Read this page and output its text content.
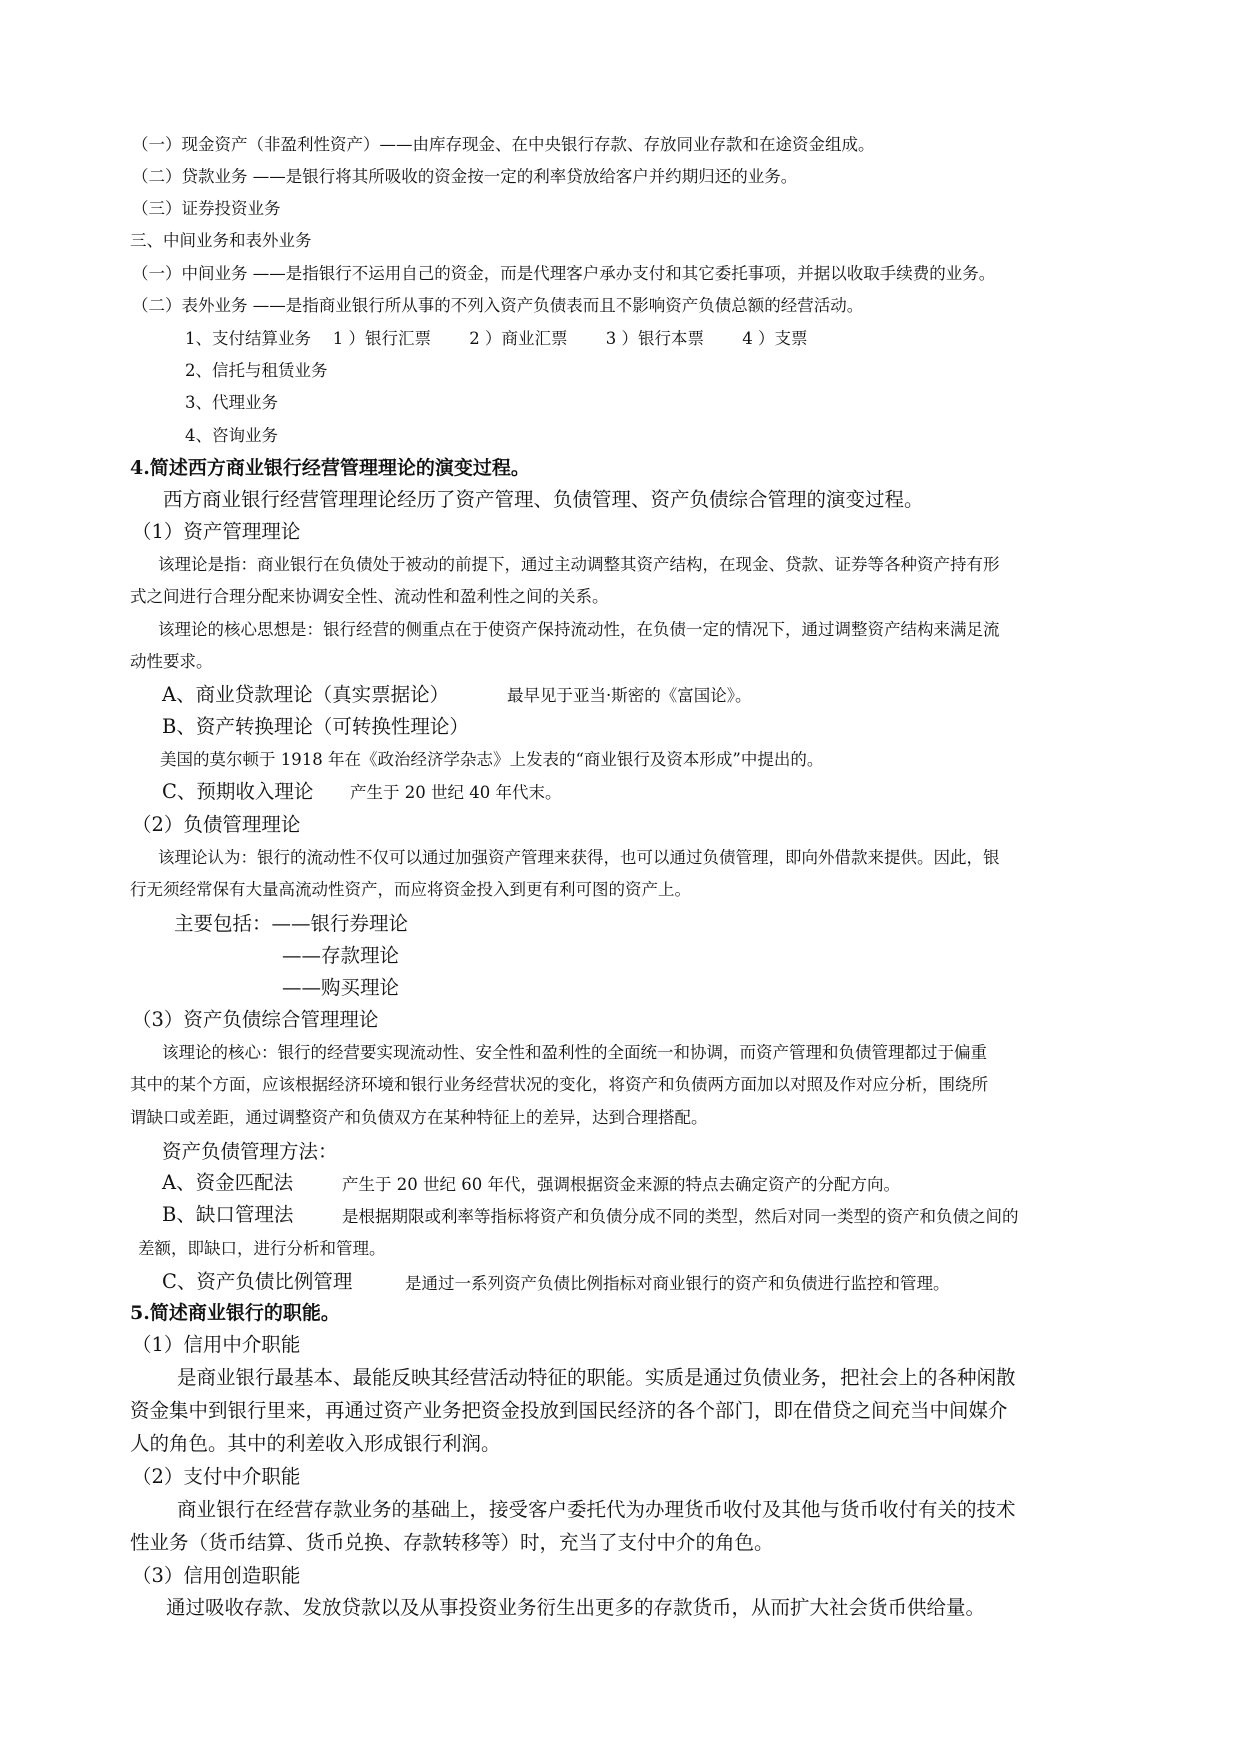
（一）现金资产（非盈利性资产）——由库存现金、在中央银行存款、存放同业存款和在途资金组成。
（二）贷款业务 ——是银行将其所吸收的资金按一定的利率贷放给客户并约期归还的业务。
（三）证券投资业务
三、中间业务和表外业务
（一）中间业务 ——是指银行不运用自己的资金，而是代理客户承办支付和其它委托事项，并据以收取手续费的业务。
（二）表外业务 ——是指商业银行所从事的不列入资产负债表而且不影响资产负债总额的经营活动。
1、支付结算业务　 1 ）银行汇票　　 2 ）商业汇票　　 3 ）银行本票　　 4 ）支票
2、信托与租赁业务
3、代理业务
4、咨询业务
4.简述西方商业银行经营管理理论的演变过程。
西方商业银行经营管理理论经历了资产管理、负债管理、资产负债综合管理的演变过程。
（1）资产管理理论
该理论是指：商业银行在负债处于被动的前提下，通过主动调整其资产结构，在现金、贷款、证券等各种资产持有形
式之间进行合理分配来协调安全性、流动性和盈利性之间的关系。
该理论的核心思想是：银行经营的侧重点在于使资产保持流动性，在负债一定的情况下，通过调整资产结构来满足流
动性要求。
A、商业贷款理论（真实票据论）	最早见于亚当·斯密的《富国论》。
B、资产转换理论（可转换性理论）
美国的莫尔顿于 1918 年在《政治经济学杂志》上发表的“商业银行及资本形成”中提出的。
C、预期收入理论 产生于 20 世纪 40 年代末。
（2）负债管理理论
该理论认为：银行的流动性不仅可以通过加强资产管理来获得，也可以通过负债管理，即向外借款来提供。因此，银
行无须经常保有大量高流动性资产，而应将资金投入到更有利可图的资产上。
主要包括：——银行券理论
——存款理论
——购买理论
（3）资产负债综合管理理论
该理论的核心：银行的经营要实现流动性、安全性和盈利性的全面统一和协调，而资产管理和负债管理都过于偏重
其中的某个方面，应该根据经济环境和银行业务经营状况的变化，将资产和负债两方面加以对照及作对应分析，围绕所
谓缺口或差距，通过调整资产和负债双方在某种特征上的差异，达到合理搭配。
资产负债管理方法：
A、资金匹配法	产生于 20 世纪 60 年代，强调根据资金来源的特点去确定资产的分配方向。
B、缺口管理法	是根据期限或利率等指标将资产和负债分成不同的类型，然后对同一类型的资产和负债之间的
差额，即缺口，进行分析和管理。
C、资产负债比例管理	是通过一系列资产负债比例指标对商业银行的资产和负债进行监控和管理。
5.简述商业银行的职能。
（1）信用中介职能
是商业银行最基本、最能反映其经营活动特征的职能。实质是通过负债业务，把社会上的各种闲散
资金集中到银行里来，再通过资产业务把资金投放到国民经济的各个部门，即在借贷之间充当中间媒介
人的角色。其中的利差收入形成银行利润。
（2）支付中介职能
商业银行在经营存款业务的基础上，接受客户委托代为办理货币收付及其他与货币收付有关的技术
性业务（货币结算、货币兑换、存款转移等）时，充当了支付中介的角色。
（3）信用创造职能
通过吸收存款、发放贷款以及从事投资业务衍生出更多的存款货币，从而扩大社会货币供给量。
